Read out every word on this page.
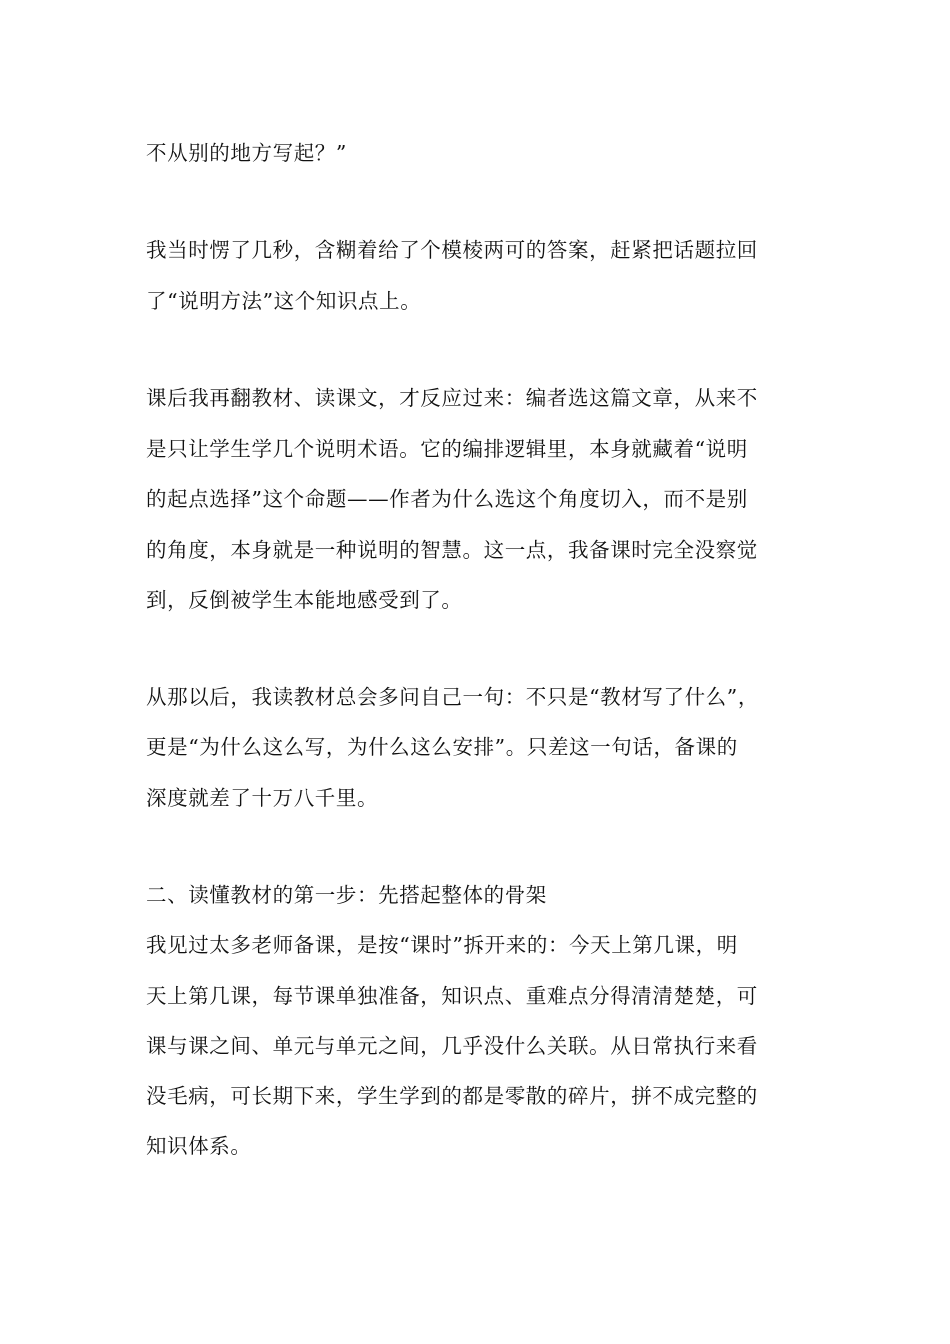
不从别的地方写起？”
我当时愣了几秒，含糊着给了个模棱两可的答案，赶紧把话题拉回
了“说明方法”这个知识点上。
课后我再翻教材、读课文，才反应过来：编者选这篇文章，从来不
是只让学生学几个说明术语。它的编排逻辑里，本身就藏着“说明
的起点选择”这个命题——作者为什么选这个角度切入，而不是别
的角度，本身就是一种说明的智慧。这一点，我备课时完全没察觉
到，反倒被学生本能地感受到了。
从那以后，我读教材总会多问自己一句：不只是“教材写了什么”，
更是“为什么这么写，为什么这么安排”。只差这一句话，备课的
深度就差了十万八千里。
二、读懂教材的第一步：先搭起整体的骨架
我见过太多老师备课，是按“课时”拆开来的：今天上第几课，明
天上第几课，每节课单独准备，知识点、重难点分得清清楚楚，可
课与课之间、单元与单元之间，几乎没什么关联。从日常执行来看
没毛病，可长期下来，学生学到的都是零散的碎片，拼不成完整的
知识体系。
